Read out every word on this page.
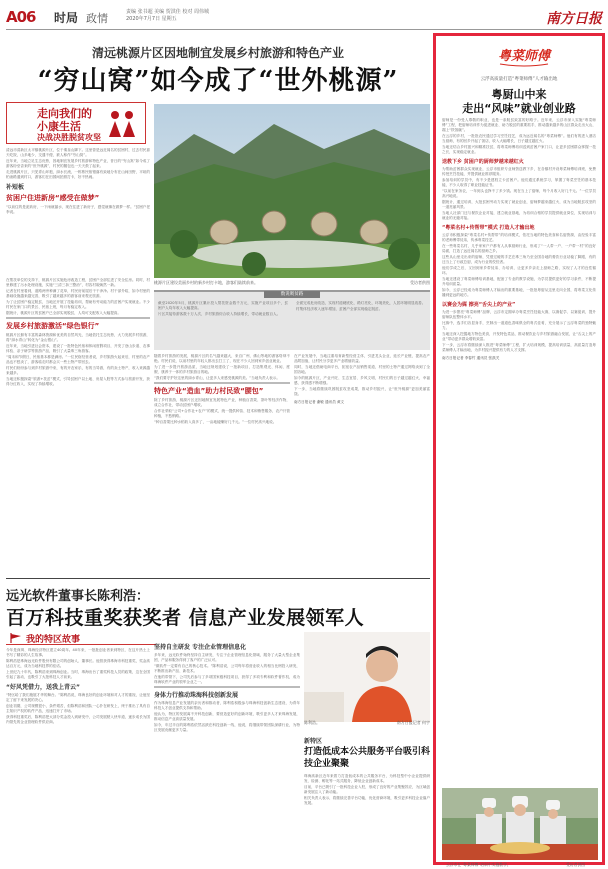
A06 时局 政情	责编 张书超 美编 贺淇佳 校对 周伟城
2020年7月7日 星期五	南方日报
清远桃源片区因地制宜发展乡村旅游和特色产业
“穷山窝”如今成了“世外桃源”
走向我们的
小康生活
决战决胜脱贫攻坚

清远市清新区太平镇桃源片区，位于秦皇山脚下。这里曾是远近闻名的贫困村，过去村民靠天吃饭，山多地少，交通不便，被人称作“穷山窝”。

近年来，当地立足生态优势，因地制宜发展乡村旅游和特色产业，昔日的“穷山窝”如今成了游客纷至沓来的“世外桃源”，村民的腰包也一天天鼓了起来。

走进桃源片区，只见青山环抱，绿水长流，一栋栋民宿错落有致地分布在山间田野，平坦的柏油路通到村口，游客们在田园间拍照打卡，好不热闹。

补短板
贫困户住进新房“感受在做梦”

“以前住的是泥砖房，一下雨就漏水，现在住进了新房子，感觉就像在做梦一样。”贫困户老李说。

在帮扶单位的支持下，桃源片区实施危房改造工程，贫困户全部住进了安全住房。同时，村里修建了污水处理设施，实施“三清三拆三整治”，村容村貌焕然一新。

记者在村里看到，道路两旁种满了花草，村民房前屋后干干净净。村干部介绍，如今村里的基础设施越来越完善，吸引了越来越多的游客前来观光旅游。

为了让贫困户稳定脱贫，当地还开展了技能培训，帮助有劳动能力的贫困户实现就业。不少村民在家门口的景区、民宿上班，每月有稳定收入。

据统计，桃源片区的贫困户已全部实现脱贫，人均可支配收入大幅提高。

发展乡村旅游激活“绿色银行”

桃源片区拥有丰富的森林资源和优美的自然风光，当地依托生态优势，大力发展乡村旅游，将“绿水青山”转化为“金山银山”。

近年来，当地引进社会资本，建设了一批特色民宿和休闲度假项目，开发了登山步道、农事体验、亲子研学等旅游产品，吸引了大量珠三角游客。

“周末和节假日，民宿基本都是满房。”一位民宿经营者说，乡村旅游火起来后，村里的农产品也不愁卖了，游客临走时都会买一些土特产带回去。

村民们纷纷参与到乡村旅游中来，有的开农家乐，有的当导游，有的卖土特产，收入来源越来越多。

当地还积极探索“旅游+扶贫”模式，引导贫困户以土地、房屋入股等方式参与旅游开发，获得分红收入，实现了持续增收。

桃源片区建设美丽乡村的新乡村打卡地，游客们陆续前来。	受访者供图
数说吸贫路

截至2020年5月，桃源片区累计投入帮扶资金数千万元，实施产业项目多个，贫困户人均年收入大幅提高。

片区共接待游客数十万人次，乡村旅游综合收入持续增长，带动就业数百人。

全面完成危房改造，实现村道硬底化、路灯亮化、环境美化，人居环境明显改善。

村集体经济收入逐年增加，贫困户全部实现稳定脱贫。

随着乡村旅游的发展，桃源片区的名气越来越大，来自广州、佛山等地的游客络绎不绝。村民们说，以前村里的年轻人都出去打工了，现在不少人回到家乡创业就业。

为了进一步提升旅游品质，当地还规划建设了一批新项目，打造集观光、休闲、度假、康养于一体的乡村旅游目的地。

“我们要守护好这里的绿水青山，让更多人来感受桃源的美。”当地负责人表示。

特色产业“造血”助力村民致“腰包”

除了乡村旅游，桃源片区还因地制宜发展特色产业，种植百香果、茶叶等经济作物，成立合作社，带动贫困户增收。

合作社采取“公司+合作社+农户”的模式，统一提供种苗、技术和销售服务，农户只管种植，不愁销路。

“种百香果比种水稻收入高多了，一亩地能赚好几千元。”一位村民高兴地说。

在产业发展中，当地注重培育新型经营主体，引进龙头企业，延长产业链，提高农产品附加值，让村民分享更多产业增值收益。

同时，当地还借助电商平台，拓宽农产品销售渠道，村里的土特产通过网络卖到了全国各地。

如今的桃源片区，产业兴旺、生态宜居、乡风文明，村民们的日子越过越红火，幸福感、获得感不断增强。

下一步，当地将继续巩固脱贫攻坚成果，推动乡村振兴，让“世外桃源”更加美丽富饶。

南方日报记者 谢敏 通讯员 黄文

远光软件董事长陈利浩：
百万科技重奖获奖者 信息产业发展领军人
我的特区故事

今年是深圳、珠海经济特区建立40周年。40年来，一批批创业者来到特区，在这片热土上书写了精彩的人生故事。

陈利浩是珠海远光软件股份有限公司的创始人、董事长。他曾获得珠海市科技重奖，奖金高达百万元，成为当地科技界的佳话。

上世纪九十年代，陈利浩来到珠海创业。当时，珠海出台了重奖科技人员的政策，这在全国引起了轰动，也吸引了大批科技人才前来。

“好风凭借力，送我上青云”

“特区给了我们施展才华的舞台。”陈利浩说，珠海良好的创业环境和对人才的重视，让他坚定了留下来发展的决心。

创业初期，公司规模很小，条件艰苦，但陈利浩和团队一心扑在研发上，终于推出了具有自主知识产权的软件产品，迅速打开了市场。

获得科技重奖后，陈利浩把大部分奖金投入到研发中，公司发展驶入快车道，逐步成长为国内领先的企业管理软件供应商。

坚持自主研发 专注企业管理信息化

多年来，远光软件始终坚持自主研发，专注于企业管理信息化领域，服务了大量大型企业集团，产品和服务得到了客户的广泛认可。

“做软件一定要有自己的核心技术。”陈利浩说，公司每年将营业收入的相当比例投入研发，不断推出新产品、新技术。

在他的带领下，公司先后参与了多项国家级科技项目，获得了多项专利和软件著作权，成为珠海软件产业的领军企业之一。

身体力行推动珠海科技创新发展

作为珠海信息产业发展的亲历者和推动者，陈利浩积极参与珠海科技创新生态建设，为青年科技人才创业提供支持和帮助。

他认为，特区的发展离不开科技创新，要营造更好的创新环境，吸引更多人才来珠海发展，推动信息产业高质量发展。

如今，年过半百的陈利浩依然活跃在科技创新一线，他说，将继续带领团队深耕行业，为特区发展贡献更多力量。

陈利浩。	南方日报记者 何宇
新特区
打造低成本公共服务平台吸引科技企业聚聚

珠海高新区近年来着力打造低成本的公共服务平台，为科技型中小企业提供研发、检测、孵化等一站式服务，降低企业创新成本。

目前，平台已吸引了一批科技企业入驻，形成了良好的产业集聚效应，为区域创新发展注入了新动能。

相关负责人表示，将继续完善平台功能，优化营商环境，吸引更多科技企业落户发展。

粤菜师傅
云浮高质量打造“粤菜师傅”人才输出地
粤厨山中来
走出“风味”就业创业路

厨师是一份受人尊敬的职业，也是一条脱贫致富的好路子。近年来，云浮市深入实施“粤菜师傅”工程，把厨师培训作为促进就业、助力脱贫的重要抓手，推动越来越多的山区群众走出大山，端上“铁饭碗”。

在云浮的乡村，一批批农民通过学习烹饪技艺，成为远近闻名的“粤菜师傅”。他们有的进入酒店当厨师，有的回乡开起了饭店，收入大幅增长，日子越过越红火。

当地还结合乡村振兴和精准扶贫，将粤菜师傅培训送到贫困户家门口，让更多贫困群众掌握一技之长，实现稳定就业。

送教下乡 贫困户的厨师梦越来越红火

为帮助贫困群众实现就业，云浮市组织专业师资送教下乡，在各镇村开设粤菜师傅培训班，免费传授烹饪技能，并提供就业推荐服务。

参加培训的学员中，有不少是建档立卡贫困户。他们通过系统学习，掌握了粤菜烹饪的基本技能，不少人取得了职业技能证书。

“以前在家务农，一年到头也挣不了多少钱。现在当上了厨师，每个月收入好几千元。”一位学员高兴地说。

据统计，通过培训，大批贫困劳动力实现了就业创业，厨师梦越来越红火，成为当地脱贫攻坚的一道亮丽风景。

当地人社部门还与餐饮企业对接，建立就业基地，为培训合格的学员提供就业岗位，实现培训与就业的无缝对接。

“粤菜名村+传帮带”模式 打造人才输出地

云浮市积极探索“粤菜名村+传帮带”的培训模式，依托当地的特色美食和名厨资源，由经验丰富的老师傅带徒弟，传承粤菜技艺。

在一些粤菜名村，几乎家家户户都有人从事厨师行业，形成了“一人带一户、一户带一村”的良好局面，打造了远近闻名的厨师之乡。

这些从山里走出来的厨师，凭借过硬的手艺在珠三角乃至全国各地的餐饮行业站稳了脚跟，有的还当上了行政总厨，成为行业的佼佼者。

他们学成之后，又回到家乡带徒弟、办培训，让更多乡亲走上厨师之路，实现了人才的良性循环。

当地还建设了粤菜师傅培训基地，配备了专业的教学设施，为学员提供更好的学习条件，不断提升培训质量。

如今，云浮已经成为粤菜师傅人才输出的重要基地，一批批粤厨从这里走向全国，将粤菜文化传播到更远的地方。

以赛会为媒 擦亮“舌尖上的产业”

为进一步擦亮“粤菜师傅”品牌，云浮市定期举办粤菜烹饪技能大赛，以赛促学、以赛促训，提升厨师队伍整体水平。

比赛中，选手们各显身手，烹制出一道道色香味俱全的粤式佳肴，充分展示了云浮粤菜的独特魅力。

当地还深入挖掘地方特色美食，开发特色菜品，推动餐饮业与乡村旅游融合发展，让“舌尖上的产业”带动更多群众增收致富。

下一步，云浮市将继续深入推进“粤菜师傅”工程，扩大培训规模，提高培训质量，高质量打造粤菜师傅人才输出地，为乡村振兴提供有力的人才支撑。

南方日报记者 李春竹 通讯员 张凯关

云浮市在“粤菜师傅”培训中实施教学。	受访者供图
